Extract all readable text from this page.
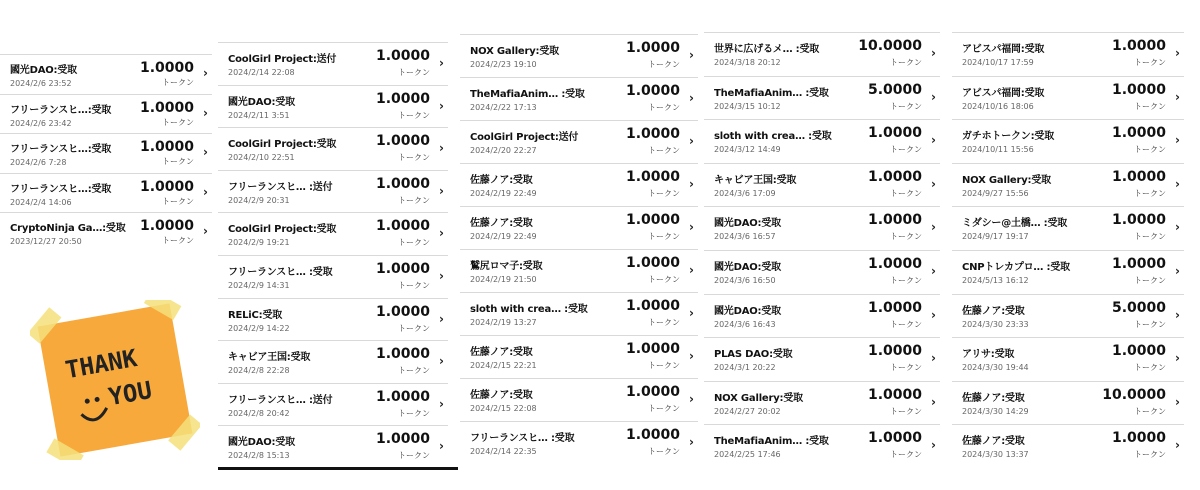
國光DAO:受取
2024/2/6 23:52
1.0000
トークン
›
フリーランスヒ…:受取
2024/2/6 23:42
1.0000
トークン
›
フリーランスヒ…:受取
2024/2/6 7:28
1.0000
トークン
›
フリーランスヒ…:受取
2024/2/4 14:06
1.0000
トークン
›
CryptoNinja Ga…:受取
2023/12/27 20:50
1.0000
トークン
›
CoolGirl Project:送付
2024/2/14 22:08
1.0000
トークン
›
國光DAO:受取
2024/2/11 3:51
1.0000
トークン
›
CoolGirl Project:受取
2024/2/10 22:51
1.0000
トークン
›
フリーランスヒ… :送付
2024/2/9 20:31
1.0000
トークン
›
CoolGirl Project:受取
2024/2/9 19:21
1.0000
トークン
›
フリーランスヒ… :受取
2024/2/9 14:31
1.0000
トークン
›
RELiC:受取
2024/2/9 14:22
1.0000
トークン
›
キャビア王国:受取
2024/2/8 22:28
1.0000
トークン
›
フリーランスヒ… :送付
2024/2/8 20:42
1.0000
トークン
›
國光DAO:受取
2024/2/8 15:13
1.0000
トークン
›
NOX Gallery:受取
2024/2/23 19:10
1.0000
トークン
›
TheMafiaAnim… :受取
2024/2/22 17:13
1.0000
トークン
›
CoolGirl Project:送付
2024/2/20 22:27
1.0000
トークン
›
佐藤ノア:受取
2024/2/19 22:49
1.0000
トークン
›
佐藤ノア:受取
2024/2/19 22:49
1.0000
トークン
›
鷲尻ロマ子:受取
2024/2/19 21:50
1.0000
トークン
›
sloth with crea… :受取
2024/2/19 13:27
1.0000
トークン
›
佐藤ノア:受取
2024/2/15 22:21
1.0000
トークン
›
佐藤ノア:受取
2024/2/15 22:08
1.0000
トークン
›
フリーランスヒ… :受取
2024/2/14 22:35
1.0000
トークン
›
世界に広げるメ… :受取
2024/3/18 20:12
10.0000
トークン
›
TheMafiaAnim… :受取
2024/3/15 10:12
5.0000
トークン
›
sloth with crea… :受取
2024/3/12 14:49
1.0000
トークン
›
キャビア王国:受取
2024/3/6 17:09
1.0000
トークン
›
國光DAO:受取
2024/3/6 16:57
1.0000
トークン
›
國光DAO:受取
2024/3/6 16:50
1.0000
トークン
›
國光DAO:受取
2024/3/6 16:43
1.0000
トークン
›
PLAS DAO:受取
2024/3/1 20:22
1.0000
トークン
›
NOX Gallery:受取
2024/2/27 20:02
1.0000
トークン
›
TheMafiaAnim… :受取
2024/2/25 17:46
1.0000
トークン
›
アビスパ福岡:受取
2024/10/17 17:59
1.0000
トークン
›
アビスパ福岡:受取
2024/10/16 18:06
1.0000
トークン
›
ガチホトークン:受取
2024/10/11 15:56
1.0000
トークン
›
NOX Gallery:受取
2024/9/27 15:56
1.0000
トークン
›
ミダシー@土橋… :受取
2024/9/17 19:17
1.0000
トークン
›
CNPトレカプロ… :受取
2024/5/13 16:12
1.0000
トークン
›
佐藤ノア:受取
2024/3/30 23:33
5.0000
トークン
›
アリサ:受取
2024/3/30 19:44
1.0000
トークン
›
佐藤ノア:受取
2024/3/30 14:29
10.0000
トークン
›
佐藤ノア:受取
2024/3/30 13:37
1.0000
トークン
›
THANK
YOU
